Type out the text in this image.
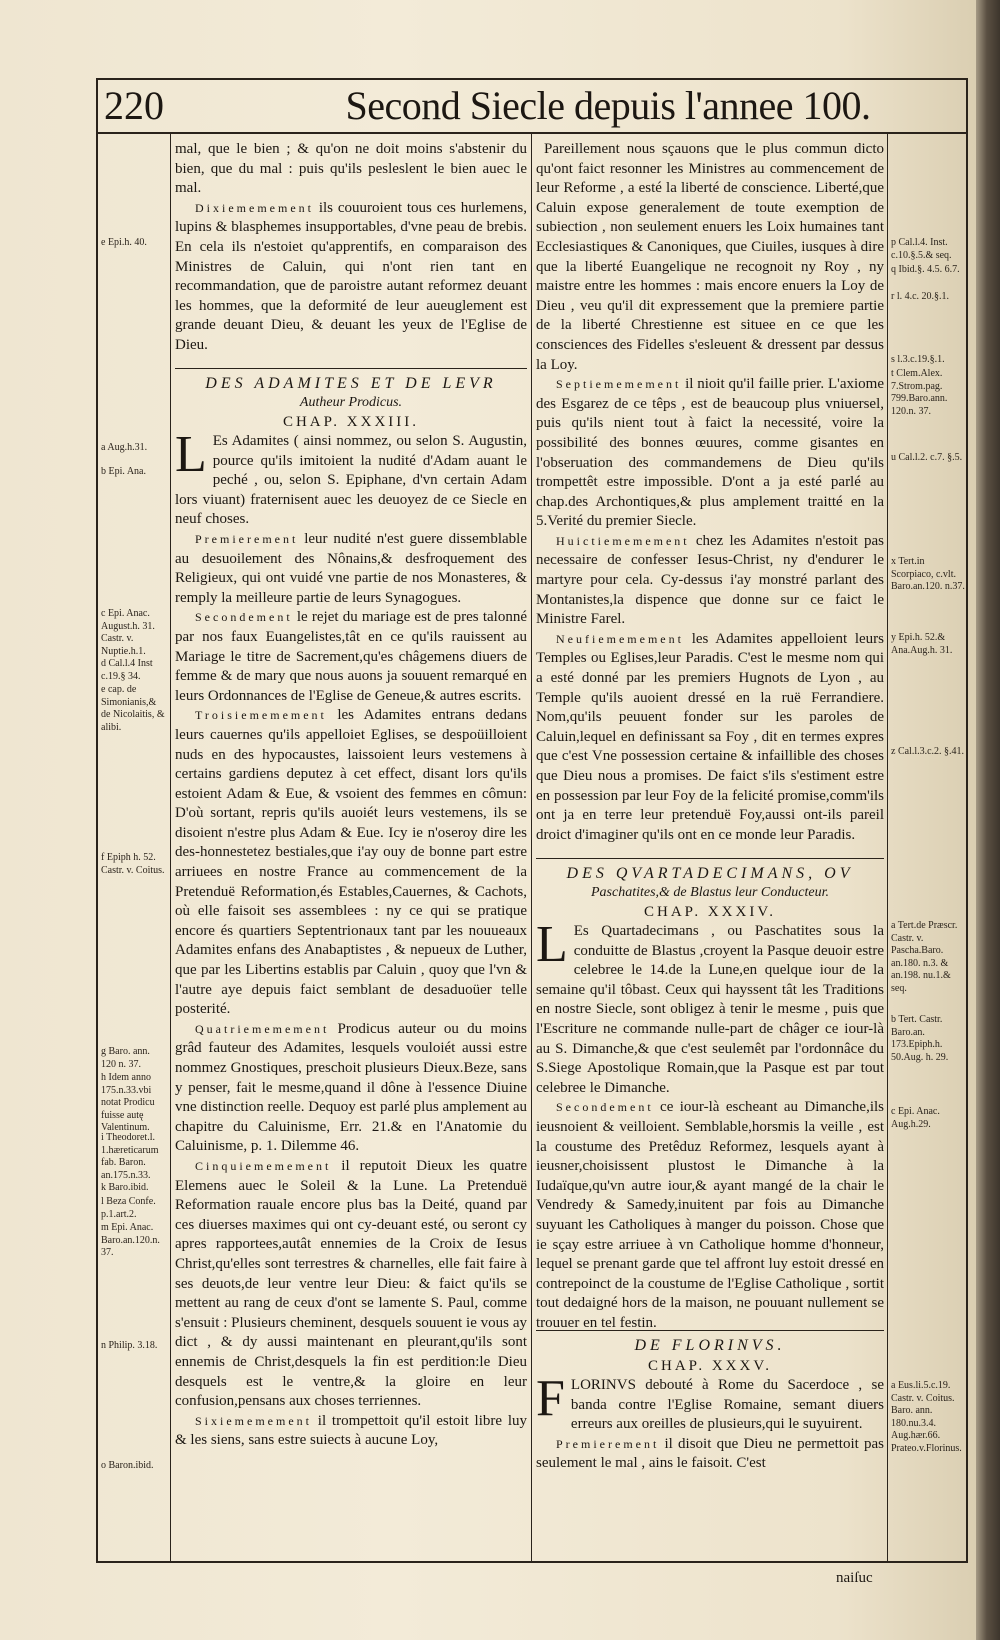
220	Second Siecle depuis l'annee 100.
e Epi.h. 40.
a Aug.h.31.
b Epi. Ana.
c Epi. Anac. August.h. 31. Castr. v. Nuptie.h.1.
d Cal.l.4 Inst c.19.§ 34.
e cap. de Simonianis,& de Nicolaitis, & alibi.
f Epiph h. 52. Castr. v. Coitus.
g Baro. ann. 120 n. 37.
h Idem anno 175.n.33.vbi notat Prodicu fuisse autę Valentinum.
i Theodoret.l. 1.hæreticarum fab. Baron. an.175.n.33.
k Baro.ibid.
l Beza Confe. p.1.art.2.
m Epi. Anac. Baro.an.120.n. 37.
n Philip. 3.18.
o Baron.ibid.
p Cal.l.4. Inst. c.10.§.5.& seq.
q Ibid.§. 4.5. 6.7.
r l. 4.c. 20.§.1.
s l.3.c.19.§.1.
t Clem.Alex. 7.Strom.pag. 799.Baro.ann. 120.n. 37.
u Cal.l.2. c.7. §.5.
x Tert.in Scorpiaco, c.vlt. Baro.an.120. n.37.
y Epi.h. 52.& Ana.Aug.h. 31.
z Cal.l.3.c.2. §.41.
a Tert.de Præscr. Castr. v. Pascha.Baro. an.180. n.3. & an.198. nu.1.& seq.
b Tert. Castr. Baro.an. 173.Epiph.h. 50.Aug. h. 29.
c Epi. Anac. Aug.h.29.
a Eus.li.5.c.19. Castr. v. Coitus. Baro. ann. 180.nu.3.4. Aug.hær.66. Prateo.v.Florinus.

mal, que le bien ; & qu'on ne doit moins s'abstenir du bien, que du mal : puis qu'ils pesleslent le bien auec le mal.

Dixiememement ils couuroient tous ces hurlemens, lupins & blasphemes insupportables, d'vne peau de brebis. En cela ils n'estoiet qu'apprentifs, en comparaison des Ministres de Caluin, qui n'ont rien tant en recommandation, que de paroistre autant reformez deuant les hommes, que la deformité de leur aueuglement est grande deuant Dieu, & deuant les yeux de l'Eglise de Dieu.

DES ADAMITES ET DE LEVR
Autheur Prodicus.
CHAP. XXXIII.

L Es Adamites ( ainsi nommez, ou selon S. Augustin, pource qu'ils imitoient la nudité d'Adam auant le peché , ou, selon S. Epiphane, d'vn certain Adam lors viuant) fraternisent auec les deuoyez de ce Siecle en neuf choses.

Premierement leur nudité n'est guere dissemblable au desuoilement des Nônains,& desfroquement des Religieux, qui ont vuidé vne partie de nos Monasteres, & remply la meilleure partie de leurs Synagogues.

Secondement le rejet du mariage est de pres talonné par nos faux Euangelistes,tât en ce qu'ils rauissent au Mariage le titre de Sacrement,qu'es châgemens diuers de femme & de mary que nous auons ja souuent remarqué en leurs Ordonnances de l'Eglise de Geneue,& autres escrits.

Troisiememement les Adamites entrans dedans leurs cauernes qu'ils appelloiet Eglises, se despoüilloient nuds en des hypocaustes, laissoient leurs vestemens à certains gardiens deputez à cet effect, disant lors qu'ils estoient Adam & Eue, & vsoient des femmes en cômun: D'où sortant, repris qu'ils auoiét leurs vestemens, ils se disoient n'estre plus Adam & Eue. Icy ie n'oseroy dire les des-honnestetez bestiales,que i'ay ouy de bonne part estre arriuees en nostre France au commencement de la Pretenduë Reformation,és Estables,Cauernes, & Cachots, où elle faisoit ses assemblees : ny ce qui se pratique encore és quartiers Septentrionaux tant par les nouueaux Adamites enfans des Anabaptistes , & nepueux de Luther, que par les Libertins establis par Caluin , quoy que l'vn & l'autre aye depuis faict semblant de desaduoüer telle posterité.

Quatriememement Prodicus auteur ou du moins grâd fauteur des Adamites, lesquels vouloiét aussi estre nommez Gnostiques, preschoit plusieurs Dieux.Beze, sans y penser, fait le mesme,quand il dône à l'essence Diuine vne distinction reelle. Dequoy est parlé plus amplement au chapitre du Caluinisme, Err. 21.& en l'Anatomie du Caluinisme, p. 1. Dilemme 46.

Cinquiememement il reputoit Dieux les quatre Elemens auec le Soleil & la Lune. La Pretenduë Reformation rauale encore plus bas la Deité, quand par ces diuerses maximes qui ont cy-deuant esté, ou seront cy apres rapportees,autât ennemies de la Croix de Iesus Christ,qu'elles sont terrestres & charnelles, elle fait faire à ses deuots,de leur ventre leur Dieu: & faict qu'ils se mettent au rang de ceux d'ont se lamente S. Paul, comme s'ensuit : Plusieurs cheminent, desquels souuent ie vous ay dict , & dy aussi maintenant en pleurant,qu'ils sont ennemis de Christ,desquels la fin est perdition:le Dieu desquels est le ventre,& la gloire en leur confusion,pensans aux choses terriennes.

Sixiememement il trompettoit qu'il estoit libre luy & les siens, sans estre suiects à aucune Loy,

Pareillement nous sçauons que le plus commun dicto qu'ont faict resonner les Ministres au commencement de leur Reforme , a esté la liberté de conscience. Liberté,que Caluin expose generalement de toute exemption de subiection , non seulement enuers les Loix humaines tant Ecclesiastiques & Canoniques, que Ciuiles, iusques à dire que la liberté Euangelique ne recognoit ny Roy , ny maistre entre les hommes : mais encore enuers la Loy de Dieu , veu qu'il dit expressement que la premiere partie de la liberté Chrestienne est situee en ce que les consciences des Fidelles s'esleuent & dressent par dessus la Loy.

Septiememement il nioit qu'il faille prier. L'axiome des Esgarez de ce têps , est de beaucoup plus vniuersel, puis qu'ils nient tout à faict la necessité, voire la possibilité des bonnes œuures, comme gisantes en l'obseruation des commandemens de Dieu qu'ils trompettêt estre impossible. D'ont a ja esté parlé au chap.des Archontiques,& plus amplement traitté en la 5.Verité du premier Siecle.

Huictiememement chez les Adamites n'estoit pas necessaire de confesser Iesus-Christ, ny d'endurer le martyre pour cela. Cy-dessus i'ay monstré parlant des Montanistes,la dispence que donne sur ce faict le Ministre Farel.

Neufiememement les Adamites appelloient leurs Temples ou Eglises,leur Paradis. C'est le mesme nom qui a esté donné par les premiers Hugnots de Lyon , au Temple qu'ils auoient dressé en la ruë Ferrandiere. Nom,qu'ils peuuent fonder sur les paroles de Caluin,lequel en definissant sa Foy , dit en termes expres que c'est Vne possession certaine & infaillible des choses que Dieu nous a promises. De faict s'ils s'estiment estre en possession par leur Foy de la felicité promise,comm'ils ont ja en terre leur pretenduë Foy,aussi ont-ils pareil droict d'imaginer qu'ils ont en ce monde leur Paradis.

DES QVARTADECIMANS, OV
Paschatites,& de Blastus leur Conducteur.
CHAP. XXXIV.

L Es Quartadecimans , ou Paschatites sous la conduitte de Blastus ,croyent la Pasque deuoir estre celebree le 14.de la Lune,en quelque iour de la semaine qu'il tôbast. Ceux qui hayssent tât les Traditions en nostre Siecle, sont obligez à tenir le mesme , puis que l'Escriture ne commande nulle-part de châger ce iour-là au S. Dimanche,& que c'est seulemêt par l'ordonnâce du S.Siege Apostolique Romain,que la Pasque est par tout celebree le Dimanche.

Secondement ce iour-là escheant au Dimanche,ils ieusnoient & veilloient. Semblable,horsmis la veille , est la coustume des Pretêduz Reformez, lesquels ayant à ieusner,choisissent plustost le Dimanche à la Iudaïque,qu'vn autre iour,& ayant mangé de la chair le Vendredy & Samedy,inuitent par fois au Dimanche suyuant les Catholiques à manger du poisson. Chose que ie sçay estre arriuee à vn Catholique homme d'honneur, lequel se prenant garde que tel affront luy estoit dressé en contrepoinct de la coustume de l'Eglise Catholique , sortit tout dedaigné hors de la maison, ne pouuant nullement se trouuer en tel festin.

DE FLORINVS.
CHAP. XXXV.

FLORINVS debouté à Rome du Sacerdoce , se banda contre l'Eglise Romaine, semant diuers erreurs aux oreilles de plusieurs,qui le suyuirent.

Premierement il disoit que Dieu ne permettoit pas seulement le mal , ains le faisoit. C'est

naiſuc
